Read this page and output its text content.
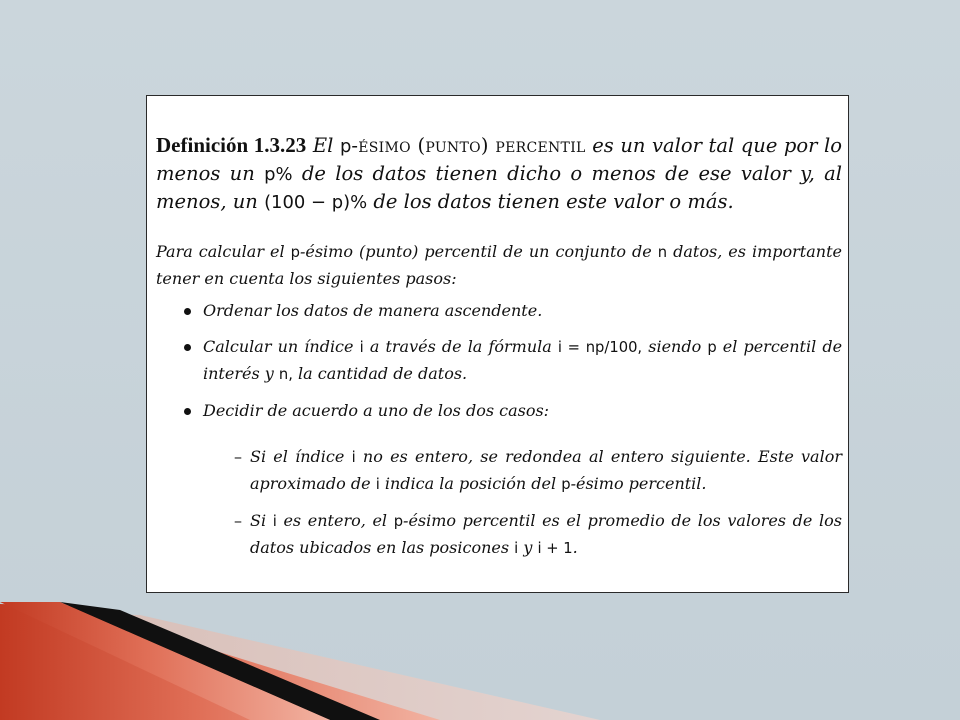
Definición 1.3.23 El p-ésimo (punto) percentil es un valor tal que por lo menos un p% de los datos tienen dicho o menos de ese valor y, al menos, un (100 − p)% de los datos tienen este valor o más.

Para calcular el p-ésimo (punto) percentil de un conjunto de n datos, es importante tener en cuenta los siguientes pasos:

Ordenar los datos de manera ascendente.
Calcular un índice i a través de la fórmula i = np/100, siendo p el percentil de interés y n, la cantidad de datos.
Decidir de acuerdo a uno de los dos casos:
– Si el índice i no es entero, se redondea al entero siguiente. Este valor aproximado de i indica la posición del p-ésimo percentil.
– Si i es entero, el p-ésimo percentil es el promedio de los valores de los datos ubicados en las posicones i y i + 1.
